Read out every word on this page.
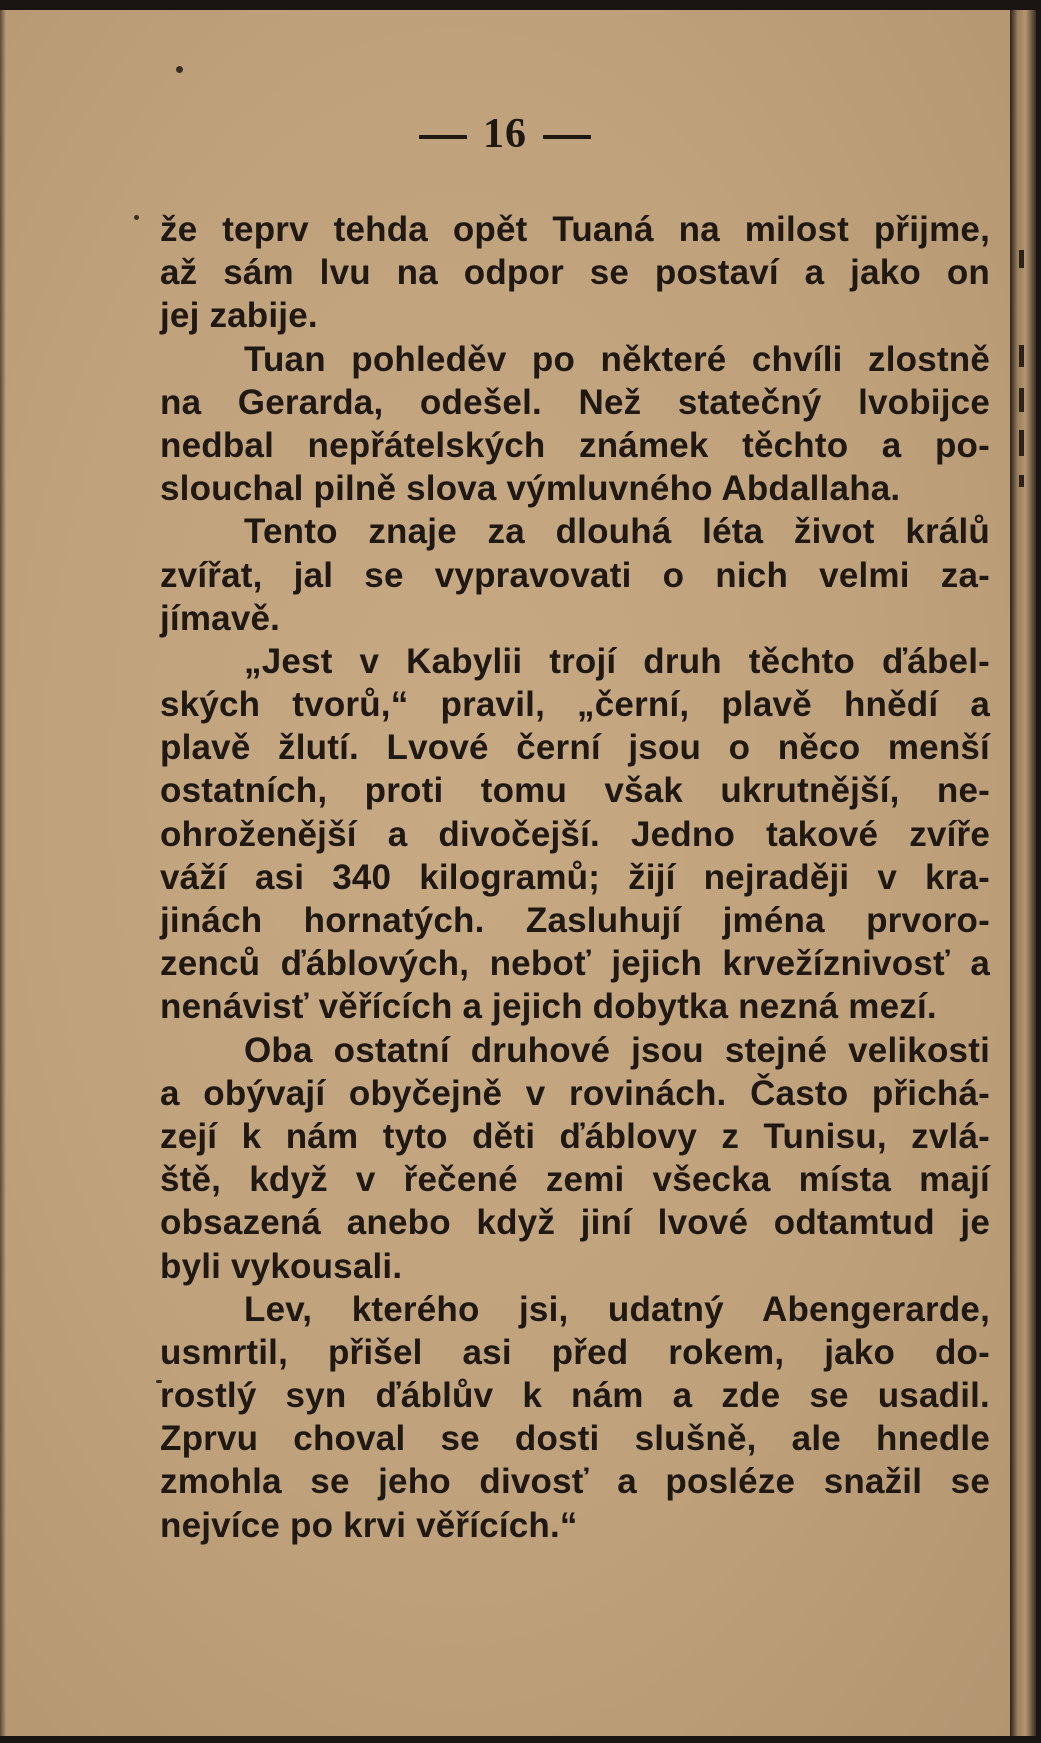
16
že teprv tehda opět Tuaná na milost přijme,
až sám lvu na odpor se postaví a jako on
jej zabije.
Tuan pohleděv po některé chvíli zlostně
na Gerarda, odešel. Než statečný lvobijce
nedbal nepřátelských známek těchto a po-
slouchal pilně slova výmluvného Abdallaha.
Tento znaje za dlouhá léta život králů
zvířat, jal se vypravovati o nich velmi za-
jímavě.
„Jest v Kabylii trojí druh těchto ďábel-
ských tvorů,“ pravil, „černí, plavě hnědí a
plavě žlutí. Lvové černí jsou o něco menší
ostatních, proti tomu však ukrutnější, ne-
ohroženější a divočejší. Jedno takové zvíře
váží asi 340 kilogramů; žijí nejraději v kra-
jinách hornatých. Zasluhují jména prvoro-
zenců ďáblových, neboť jejich krvežíznivosť a
nenávisť věřících a jejich dobytka nezná mezí.
Oba ostatní druhové jsou stejné velikosti
a obývají obyčejně v rovinách. Často přichá-
zejí k nám tyto děti ďáblovy z Tunisu, zvlá-
ště, když v řečené zemi všecka místa mají
obsazená anebo když jiní lvové odtamtud je
byli vykousali.
Lev, kterého jsi, udatný Abengerarde,
usmrtil, přišel asi před rokem, jako do-
rostlý syn ďáblův k nám a zde se usadil.
Zprvu choval se dosti slušně, ale hnedle
zmohla se jeho divosť a posléze snažil se
nejvíce po krvi věřících.“
